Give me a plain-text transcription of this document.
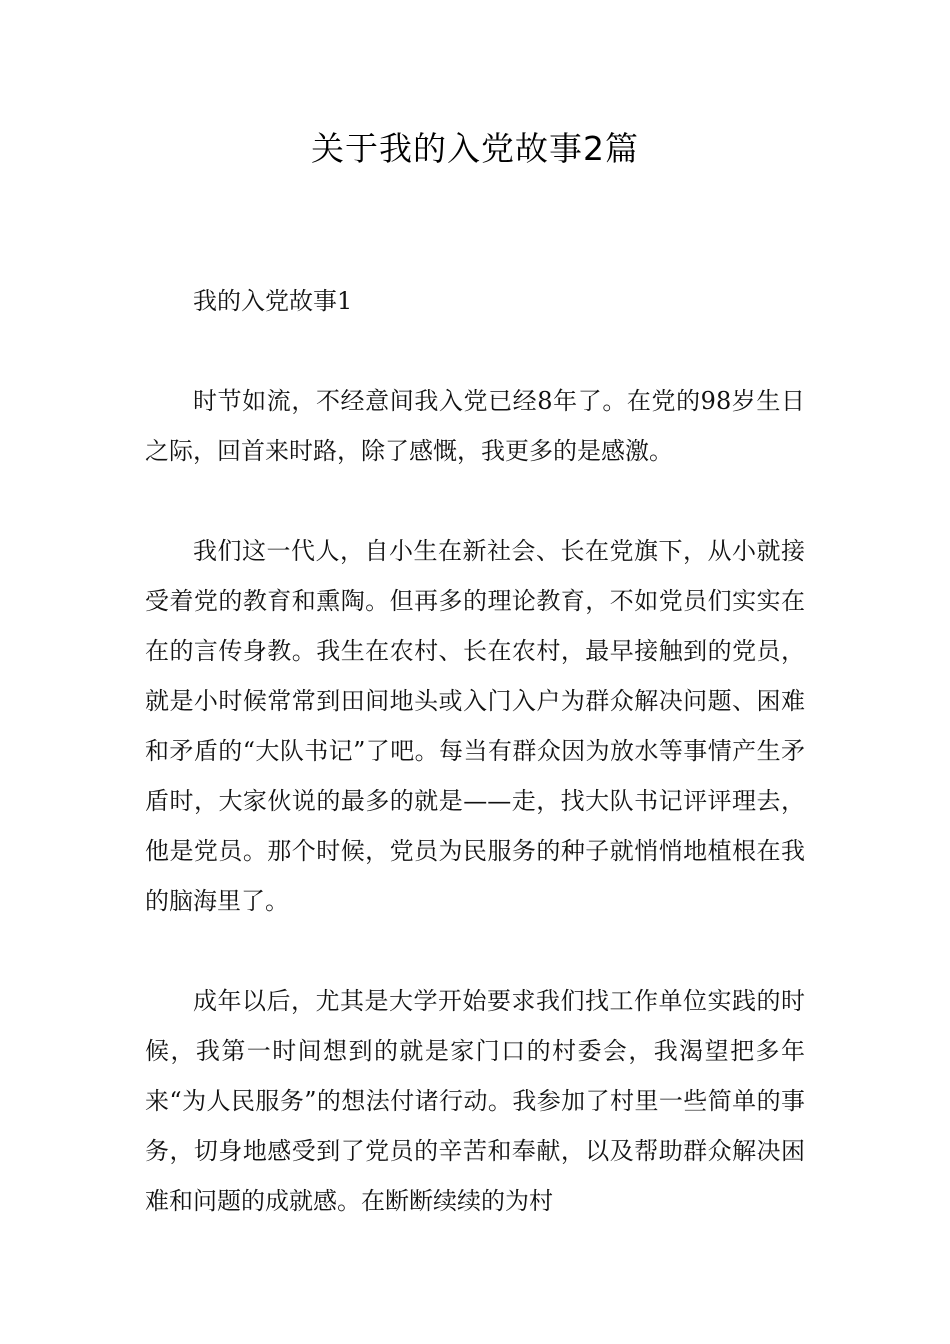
关于我的入党故事2篇

我的入党故事1

时节如流，不经意间我入党已经8年了。在党的98岁生日之际，回首来时路，除了感慨，我更多的是感激。

我们这一代人，自小生在新社会、长在党旗下，从小就接受着党的教育和熏陶。但再多的理论教育，不如党员们实实在在的言传身教。我生在农村、长在农村，最早接触到的党员，就是小时候常常到田间地头或入门入户为群众解决问题、困难和矛盾的“大队书记”了吧。每当有群众因为放水等事情产生矛盾时，大家伙说的最多的就是——走，找大队书记评评理去，他是党员。那个时候，党员为民服务的种子就悄悄地植根在我的脑海里了。

成年以后，尤其是大学开始要求我们找工作单位实践的时候，我第一时间想到的就是家门口的村委会，我渴望把多年来“为人民服务”的想法付诸行动。我参加了村里一些简单的事务，切身地感受到了党员的辛苦和奉献，以及帮助群众解决困难和问题的成就感。在断断续续的为村
